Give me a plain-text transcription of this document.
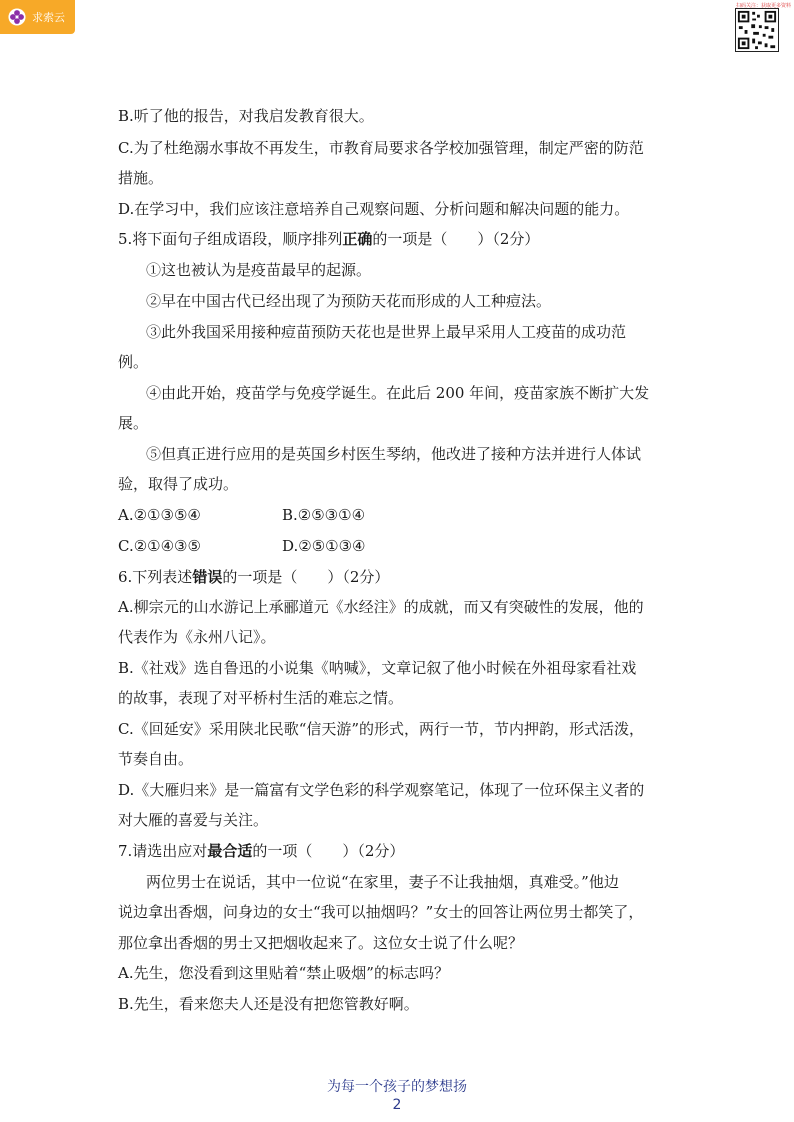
求索云
扫码关注：获取更多资料
B.听了他的报告，对我启发教育很大。
C.为了杜绝溺水事故不再发生，市教育局要求各学校加强管理，制定严密的防范
措施。
D.在学习中，我们应该注意培养自己观察问题、分析问题和解决问题的能力。
5.将下面句子组成语段，顺序排列正确的一项是（　　）（2分）
①这也被认为是疫苗最早的起源。
②早在中国古代已经出现了为预防天花而形成的人工种痘法。
③此外我国采用接种痘苗预防天花也是世界上最早采用人工疫苗的成功范
例。
④由此开始，疫苗学与免疫学诞生。在此后 200 年间，疫苗家族不断扩大发
展。
⑤但真正进行应用的是英国乡村医生琴纳，他改进了接种方法并进行人体试
验，取得了成功。
A.②①③⑤④	B.②⑤③①④
C.②①④③⑤	D.②⑤①③④
6.下列表述错误的一项是（　　）（2分）
A.柳宗元的山水游记上承郦道元《水经注》的成就，而又有突破性的发展，他的
代表作为《永州八记》。
B.《社戏》选自鲁迅的小说集《呐喊》，文章记叙了他小时候在外祖母家看社戏
的故事，表现了对平桥村生活的难忘之情。
C.《回延安》采用陕北民歌“信天游”的形式，两行一节，节内押韵，形式活泼，
节奏自由。
D.《大雁归来》是一篇富有文学色彩的科学观察笔记，体现了一位环保主义者的
对大雁的喜爱与关注。
7.请选出应对最合适的一项（　　）（2分）
两位男士在说话，其中一位说“在家里，妻子不让我抽烟，真难受。”他边
说边拿出香烟，问身边的女士“我可以抽烟吗？”女士的回答让两位男士都笑了，
那位拿出香烟的男士又把烟收起来了。这位女士说了什么呢？
A.先生，您没看到这里贴着“禁止吸烟”的标志吗？
B.先生，看来您夫人还是没有把您管教好啊。
为每一个孩子的梦想扬
2
